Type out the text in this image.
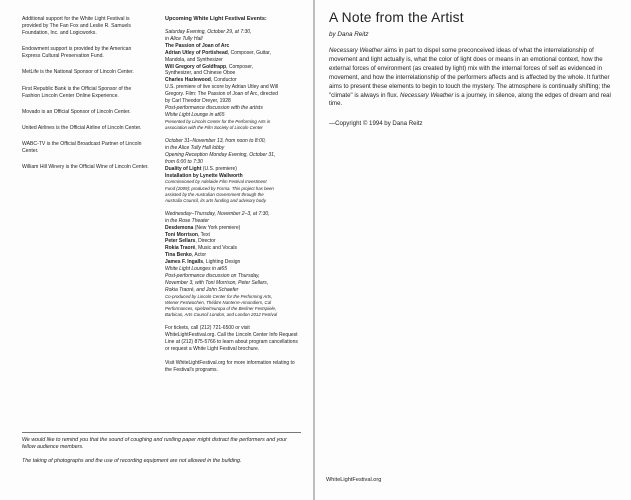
Additional support for the White Light Festival is provided by The Fan Fox and Leslie R. Samuels Foundation, Inc. and Logicworks.

Endowment support is provided by the American Express Cultural Preservation Fund.

MetLife is the National Sponsor of Lincoln Center.

First Republic Bank is the Official Sponsor of the Fashion Lincoln Center Online Experience.

Movado is an Official Sponsor of Lincoln Center.

United Airlines is the Official Airline of Lincoln Center.

WABC-TV is the Official Broadcast Partner of Lincoln Center.

William Hill Winery is the Official Wine of Lincoln Center.

Upcoming White Light Festival Events:
Saturday Evening, October 29, at 7:30,
in Alice Tully Hall
The Passion of Joan of Arc
Adrian Utley of Portishead, Composer, Guitar,
Mandola, and Synthesizer
Will Gregory of Goldfrapp, Composer,
Synthesizer, and Chinese Oboe
Charles Hazlewood, Conductor
U.S. premiere of live score by Adrian Utley and Will
Gregory. Film: The Passion of Joan of Arc, directed
by Carl Theodor Dreyer, 1928
Post-performance discussion with the artists
White Light Lounge in at65
Presented by Lincoln Center for the Performing Arts in
association with the Film Society of Lincoln Center
October 31–November 13, from noon to 8:00,
in the Alice Tully Hall lobby
Opening Reception Monday Evening, October 31,
from 6:00 to 7:30
Duality of Light (U.S. premiere)
Installation by Lynette Wallworth
Commissioned by Adelaide Film Festival Investment
Fund (2009); produced by Forma. This project has been
assisted by the Australian Government through the
Australia Council, its arts funding and advisory body.
Wednesday–Thursday, November 2–3, at 7:30,
in the Rose Theater
Desdemona (New York premiere)
Toni Morrison, Text
Peter Sellars, Director
Rokia Traoré, Music and Vocals
Tina Benko, Actor
James F. Ingalls, Lighting Design
White Light Lounges in at65
Post-performance discussion on Thursday,
November 3, with Toni Morrison, Peter Sellars,
Rokia Traoré, and John Schaefer
Co-produced by Lincoln Center for the Performing Arts,
Wiener Festwochen, Théâtre Nanterre-Amandiers, Cal
Performances, spielzeit'europa of the Berliner Festspiele,
Barbican, Arts Council London, and London 2012 Festival

For tickets, call (212) 721-6500 or visit WhiteLightFestival.org. Call the Lincoln Center Info Request Line at (212) 875-5766 to learn about program cancellations or request a White Light Festival brochure.

Visit WhiteLightFestival.org for more information relating to the Festival's programs.

We would like to remind you that the sound of coughing and rustling paper might distract the performers and your fellow audience members.

The taking of photographs and the use of recording equipment are not allowed in the building.

A Note from the Artist
by Dana Reitz

Necessary Weather aims in part to dispel some preconceived ideas of what the interrelationship of movement and light actually is, what the color of light does or means in an emotional context, how the external forces of environment (as created by light) mix with the internal forces of self as evidenced in movement, and how the interrelationship of the performers affects and is affected by the whole. It further aims to present these elements to begin to touch the mystery. The atmosphere is continually shifting; the "climate" is always in flux. Necessary Weather is a journey, in silence, along the edges of dream and real time.

—Copyright © 1994 by Dana Reitz
WhiteLightFestival.org
